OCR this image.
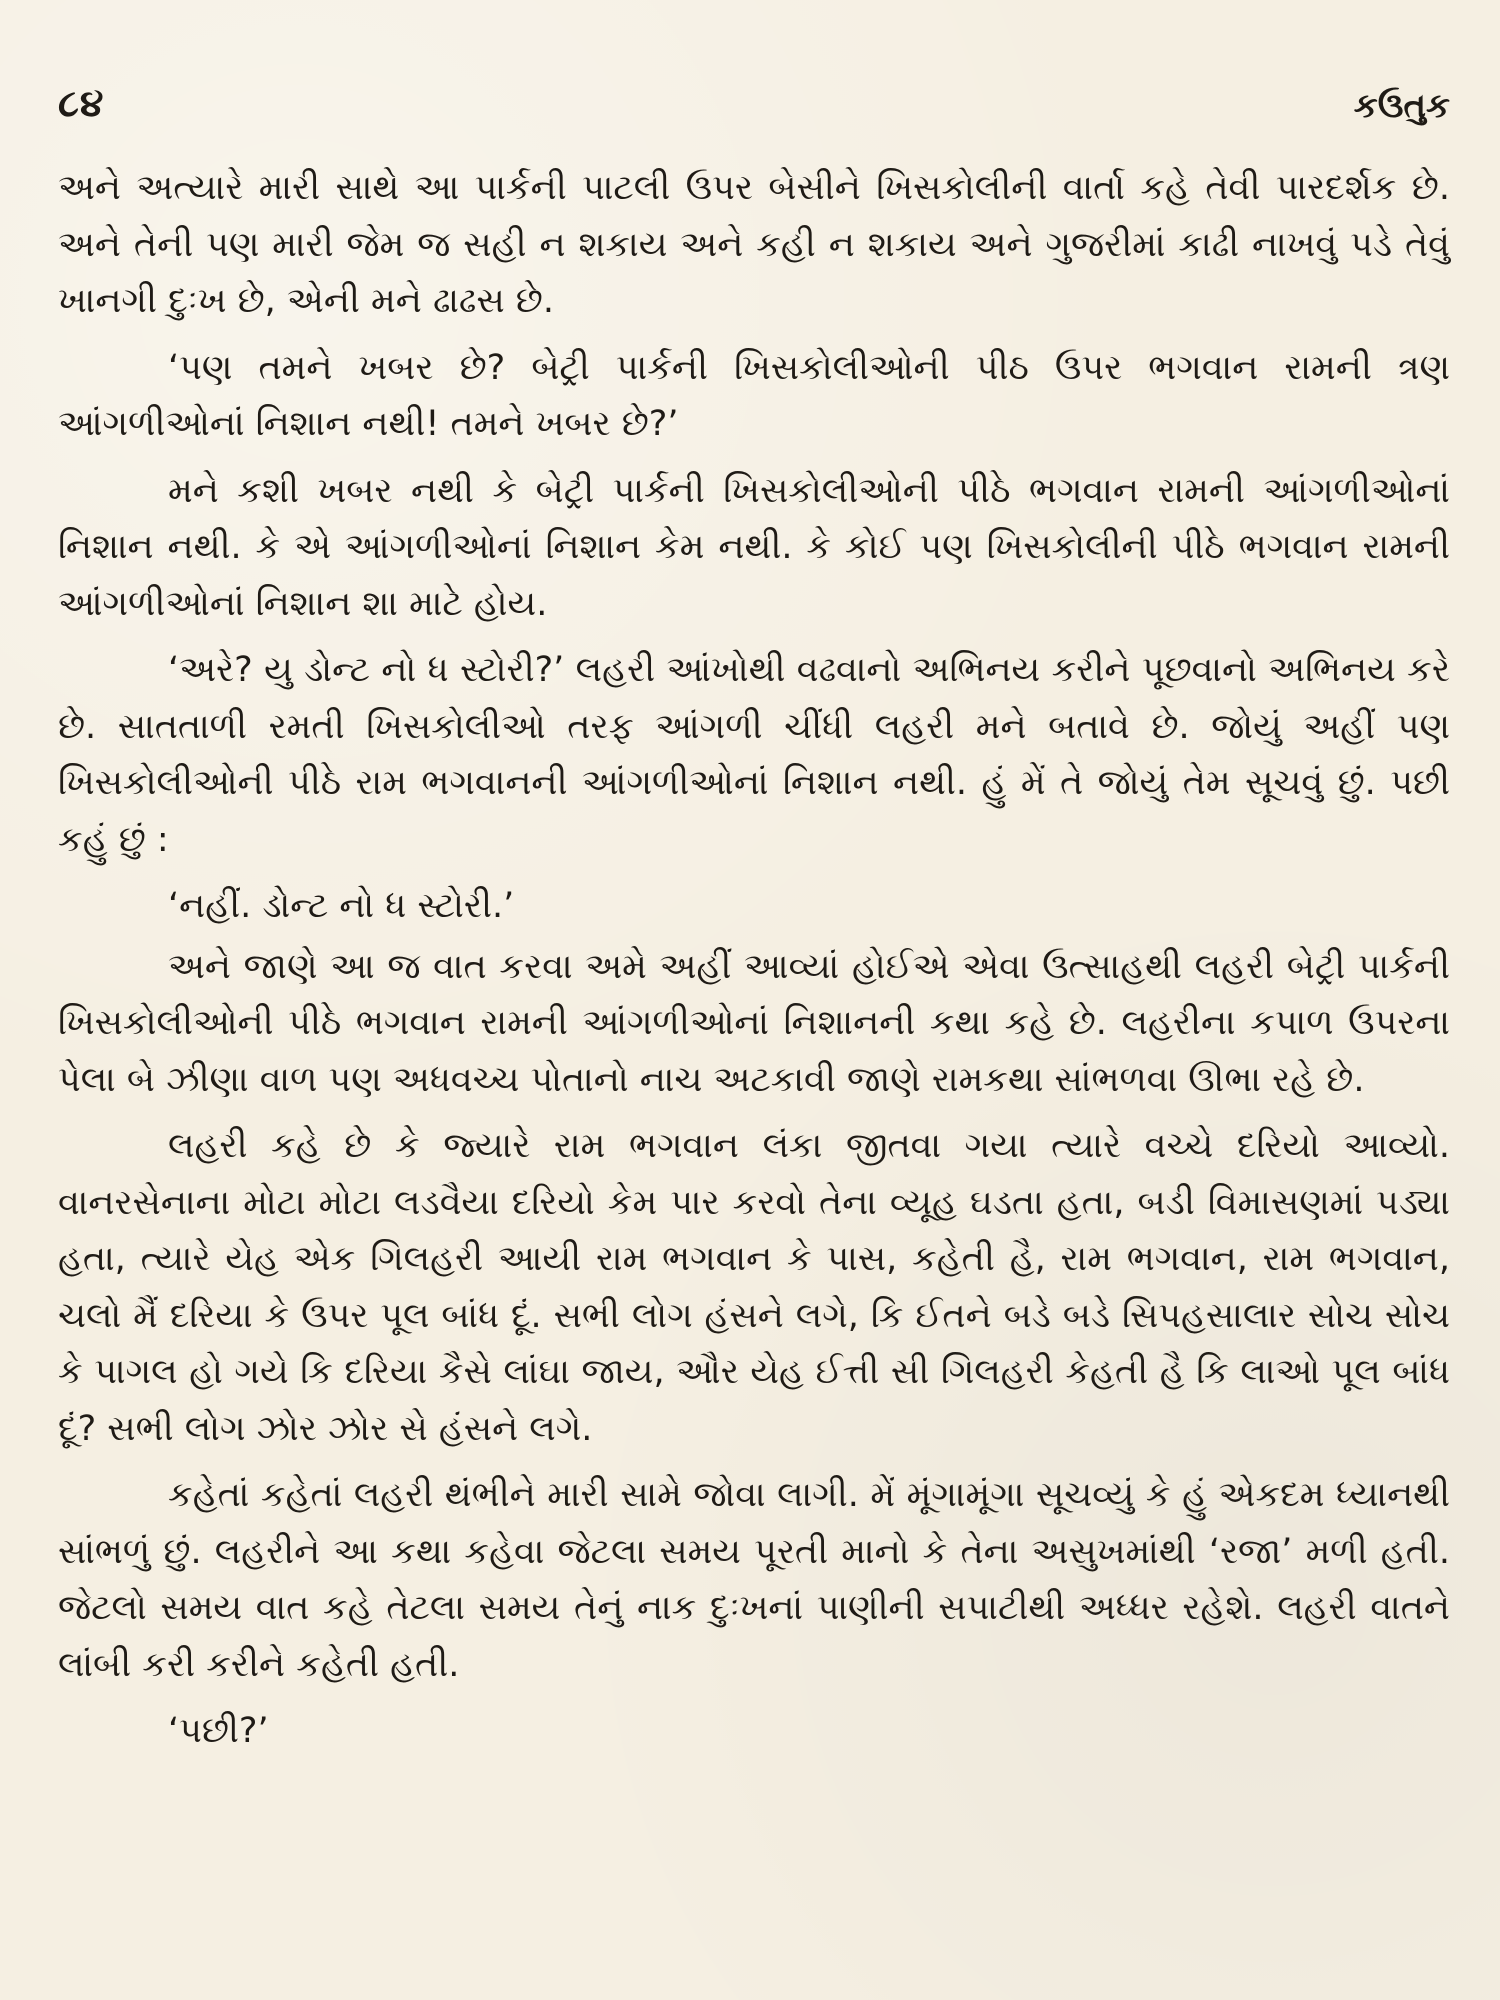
૮૪	કઉતુક

અને અત્યારે મારી સાથે આ પાર્કની પાટલી ઉપર બેસીને ખિસકોલીની વાર્તા કહે તેવી પારદર્શક છે. અને તેની પણ મારી જેમ જ સહી ન શકાય અને કહી ન શકાય અને ગુજરીમાં કાઢી નાખવું પડે તેવું ખાનગી દુઃખ છે, એની મને ઢાઢસ છે.

‘પણ તમને ખબર છે? બેટ્રી પાર્કની ખિસકોલીઓની પીઠ ઉપર ભગવાન રામની ત્રણ આંગળીઓનાં નિશાન નથી! તમને ખબર છે?’

મને કશી ખબર નથી કે બેટ્રી પાર્કની ખિસકોલીઓની પીઠે ભગવાન રામની આંગળીઓનાં નિશાન નથી. કે એ આંગળીઓનાં નિશાન કેમ નથી. કે કોઈ પણ ખિસકોલીની પીઠે ભગવાન રામની આંગળીઓનાં નિશાન શા માટે હોય.

‘અરે? યુ ડોન્ટ નો ધ સ્ટોરી?’ લહરી આંખોથી વઢવાનો અભિનય કરીને પૂછવાનો અભિનય કરે છે. સાતતાળી રમતી ખિસકોલીઓ તરફ આંગળી ચીંધી લહરી મને બતાવે છે. જોયું અહીં પણ ખિસકોલીઓની પીઠે રામ ભગવાનની આંગળીઓનાં નિશાન નથી. હું મેં તે જોયું તેમ સૂચવું છું. પછી કહું છું :

‘નહીં. ડોન્ટ નો ધ સ્ટોરી.’

અને જાણે આ જ વાત કરવા અમે અહીં આવ્યાં હોઈએ એવા ઉત્સાહથી લહરી બેટ્રી પાર્કની ખિસકોલીઓની પીઠે ભગવાન રામની આંગળીઓનાં નિશાનની કથા કહે છે. લહરીના કપાળ ઉપરના પેલા બે ઝીણા વાળ પણ અધવચ્ચ પોતાનો નાચ અટકાવી જાણે રામકથા સાંભળવા ઊભા રહે છે.

લહરી કહે છે કે જ્યારે રામ ભગવાન લંકા જીતવા ગયા ત્યારે વચ્ચે દરિયો આવ્યો. વાનરસેનાના મોટા મોટા લડવૈયા દરિયો કેમ પાર કરવો તેના વ્યૂહ ઘડતા હતા, બડી વિમાસણમાં પડ્યા હતા, ત્યારે યેહ એક ગિલહરી આયી રામ ભગવાન કે પાસ, કહેતી હૈ, રામ ભગવાન, રામ ભગવાન, ચલો મૈં દરિયા કે ઉપર પૂલ બાંધ દૂં. સભી લોગ હંસને લગે, કિ ઈતને બડે બડે સિપહસાલાર સોચ સોચ કે પાગલ હો ગયે કિ દરિયા કૈસે લાંઘા જાય, ઔર યેહ ઈત્તી સી ગિલહરી કેહતી હૈ કિ લાઓ પૂલ બાંધ દૂં? સભી લોગ ઝોર ઝોર સે હંસને લગે.

કહેતાં કહેતાં લહરી થંભીને મારી સામે જોવા લાગી. મેં મૂંગામૂંગા સૂચવ્યું કે હું એકદમ ધ્યાનથી સાંભળું છું. લહરીને આ કથા કહેવા જેટલા સમય પૂરતી માનો કે તેના અસુખમાંથી ‘રજા’ મળી હતી. જેટલો સમય વાત કહે તેટલા સમય તેનું નાક દુઃખનાં પાણીની સપાટીથી અધ્ધર રહેશે. લહરી વાતને લાંબી કરી કરીને કહેતી હતી.

‘પછી?’
